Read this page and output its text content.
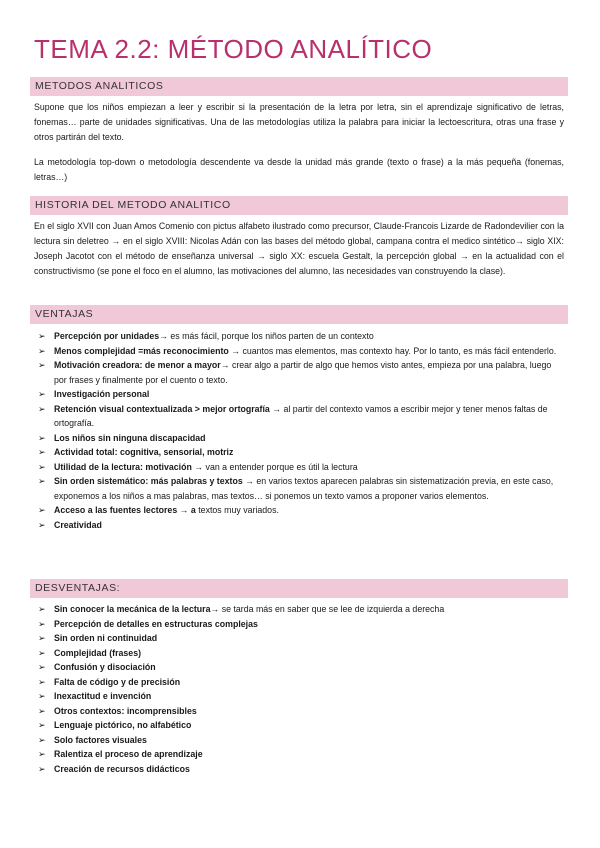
TEMA 2.2: MÉTODO ANALÍTICO
METODOS ANALITICOS
Supone que los niños empiezan a leer y escribir si la presentación de la letra por letra, sin el aprendizaje significativo de letras, fonemas… parte de unidades significativas. Una de las metodologías utiliza la palabra para iniciar la lectoescritura, otras una frase y otros partirán del texto.
La metodología top-down o metodología descendente va desde la unidad más grande (texto o frase) a la más pequeña (fonemas, letras…)
HISTORIA DEL METODO ANALITICO
En el siglo XVII con Juan Amos Comenio con pictus alfabeto ilustrado como precursor, Claude-Francois Lizarde de Radondevilier con la lectura sin deletreo → en el siglo XVIII: Nicolas Adán con las bases del método global, campana contra el medico sintético→ siglo XIX: Joseph Jacotot con el método de enseñanza universal → siglo XX: escuela Gestalt, la percepción global → en la actualidad con el constructivismo (se pone el foco en el alumno, las motivaciones del alumno, las necesidades van construyendo la clase).
VENTAJAS
➢ Percepción por unidades→ es más fácil, porque los niños parten de un contexto
➢ Menos complejidad =más reconocimiento → cuantos mas elementos, mas contexto hay. Por lo tanto, es más fácil entenderlo.
➢ Motivación creadora: de menor a mayor→ crear algo a partir de algo que hemos visto antes, empieza por una palabra, luego por frases y finalmente por el cuento o texto.
➢ Investigación personal
➢ Retención visual contextualizada > mejor ortografía → al partir del contexto vamos a escribir mejor y tener menos faltas de ortografía.
➢ Los niños sin ninguna discapacidad
➢ Actividad total: cognitiva, sensorial, motriz
➢ Utilidad de la lectura: motivación → van a entender porque es útil la lectura
➢ Sin orden sistemático: más palabras y textos → en varios textos aparecen palabras sin sistematización previa, en este caso, exponemos a los niños a mas palabras, mas textos… si ponemos un texto vamos a proponer varios elementos.
➢ Acceso a las fuentes lectores → a textos muy variados.
➢ Creatividad
DESVENTAJAS:
➢ Sin conocer la mecánica de la lectura→ se tarda más en saber que se lee de izquierda a derecha
➢ Percepción de detalles en estructuras complejas
➢ Sin orden ni continuidad
➢ Complejidad (frases)
➢ Confusión y disociación
➢ Falta de código y de precisión
➢ Inexactitud e invención
➢ Otros contextos: incomprensibles
➢ Lenguaje pictórico, no alfabético
➢ Solo factores visuales
➢ Ralentiza el proceso de aprendizaje
➢ Creación de recursos didácticos
